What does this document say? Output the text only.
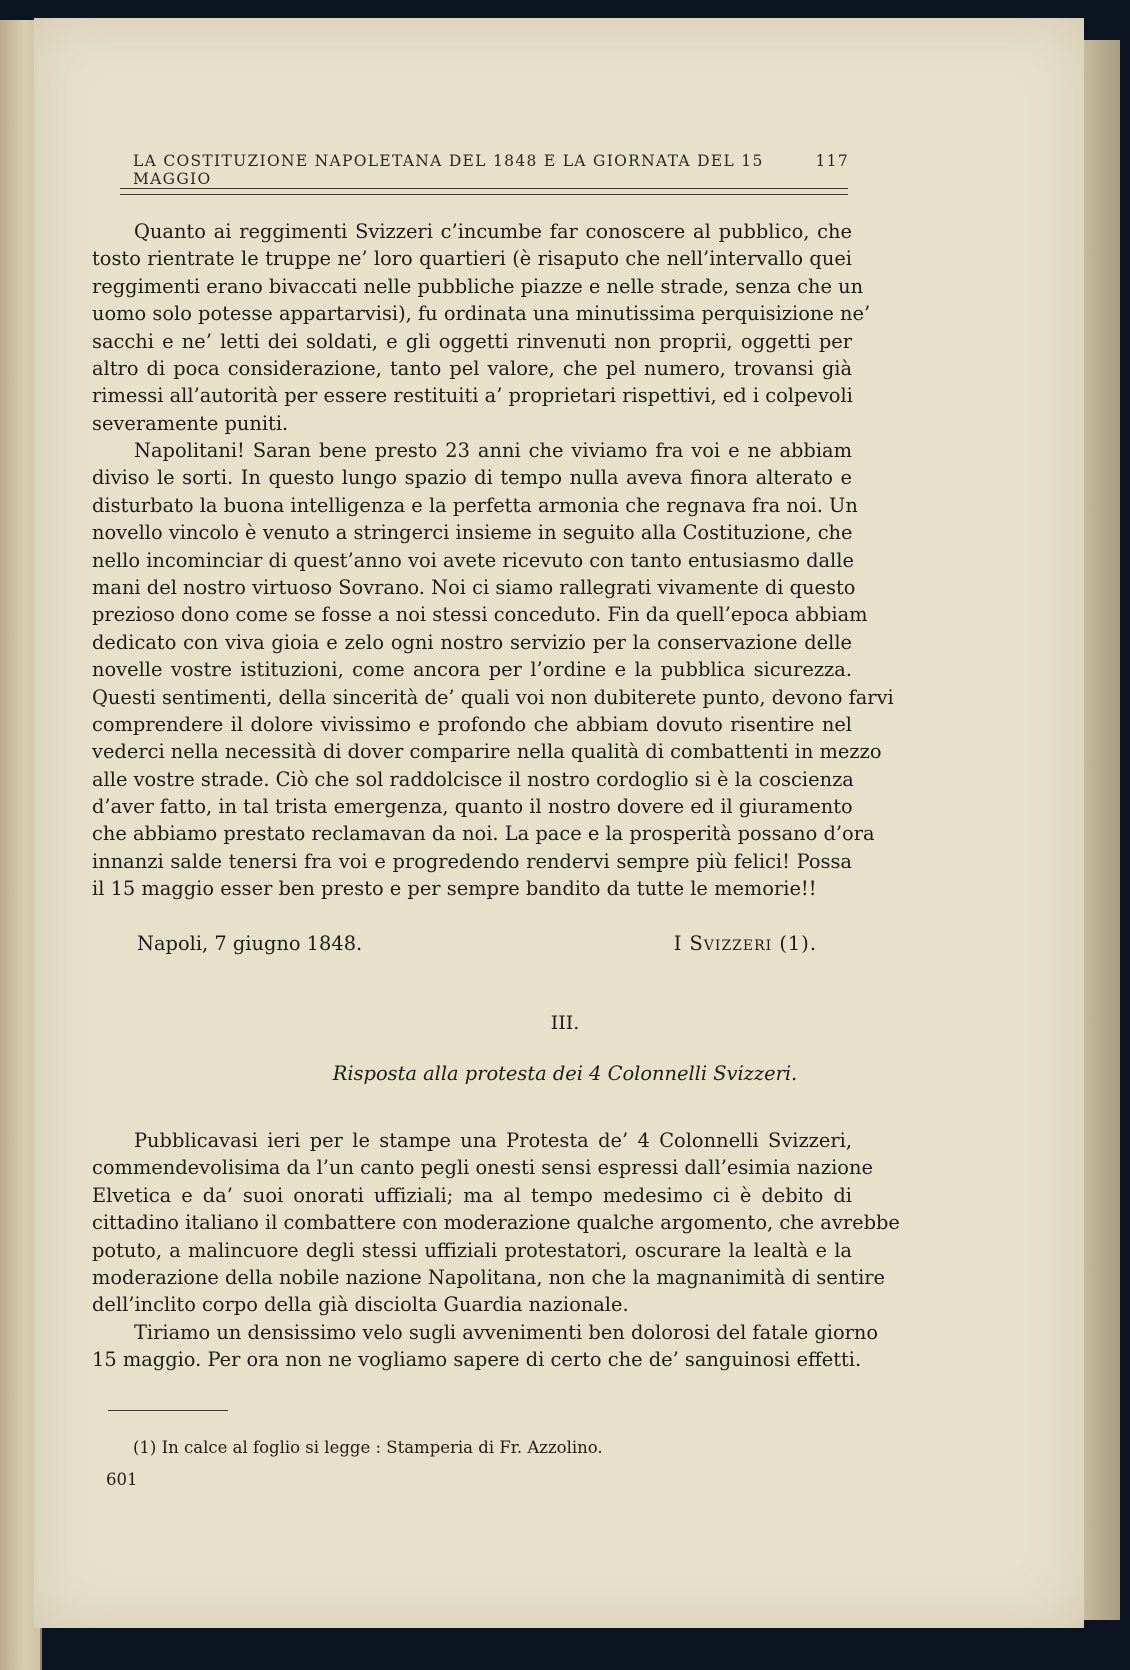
LA COSTITUZIONE NAPOLETANA DEL 1848 E LA GIORNATA DEL 15 MAGGIO
117
Quanto ai reggimenti Svizzeri c’incumbe far conoscere al pubblico, che
tosto rientrate le truppe ne’ loro quartieri (è risaputo che nell’intervallo quei
reggimenti erano bivaccati nelle pubbliche piazze e nelle strade, senza che un
uomo solo potesse appartarvisi), fu ordinata una minutissima perquisizione ne’
sacchi e ne’ letti dei soldati, e gli oggetti rinvenuti non proprii, oggetti per
altro di poca considerazione, tanto pel valore, che pel numero, trovansi già
rimessi all’autorità per essere restituiti a’ proprietari rispettivi, ed i colpevoli
severamente puniti.
Napolitani! Saran bene presto 23 anni che viviamo fra voi e ne abbiam
diviso le sorti. In questo lungo spazio di tempo nulla aveva finora alterato e
disturbato la buona intelligenza e la perfetta armonia che regnava fra noi. Un
novello vincolo è venuto a stringerci insieme in seguito alla Costituzione, che
nello incominciar di quest’anno voi avete ricevuto con tanto entusiasmo dalle
mani del nostro virtuoso Sovrano. Noi ci siamo rallegrati vivamente di questo
prezioso dono come se fosse a noi stessi conceduto. Fin da quell’epoca abbiam
dedicato con viva gioia e zelo ogni nostro servizio per la conservazione delle
novelle vostre istituzioni, come ancora per l’ordine e la pubblica sicurezza.
Questi sentimenti, della sincerità de’ quali voi non dubiterete punto, devono farvi
comprendere il dolore vivissimo e profondo che abbiam dovuto risentire nel
vederci nella necessità di dover comparire nella qualità di combattenti in mezzo
alle vostre strade. Ciò che sol raddolcisce il nostro cordoglio si è la coscienza
d’aver fatto, in tal trista emergenza, quanto il nostro dovere ed il giuramento
che abbiamo prestato reclamavan da noi. La pace e la prosperità possano d’ora
innanzi salde tenersi fra voi e progredendo rendervi sempre più felici! Possa
il 15 maggio esser ben presto e per sempre bandito da tutte le memorie!!
Napoli, 7 giugno 1848.	I Svizzeri (1).
III.
Risposta alla protesta dei 4 Colonnelli Svizzeri.
Pubblicavasi ieri per le stampe una Protesta de’ 4 Colonnelli Svizzeri,
commendevolisima da l’un canto pegli onesti sensi espressi dall’esimia nazione
Elvetica e da’ suoi onorati uffiziali; ma al tempo medesimo ci è debito di
cittadino italiano il combattere con moderazione qualche argomento, che avrebbe
potuto, a malincuore degli stessi uffiziali protestatori, oscurare la lealtà e la
moderazione della nobile nazione Napolitana, non che la magnanimità di sentire
dell’inclito corpo della già disciolta Guardia nazionale.
Tiriamo un densissimo velo sugli avvenimenti ben dolorosi del fatale giorno
15 maggio. Per ora non ne vogliamo sapere di certo che de’ sanguinosi effetti.
(1) In calce al foglio si legge : Stamperia di Fr. Azzolino.
601
